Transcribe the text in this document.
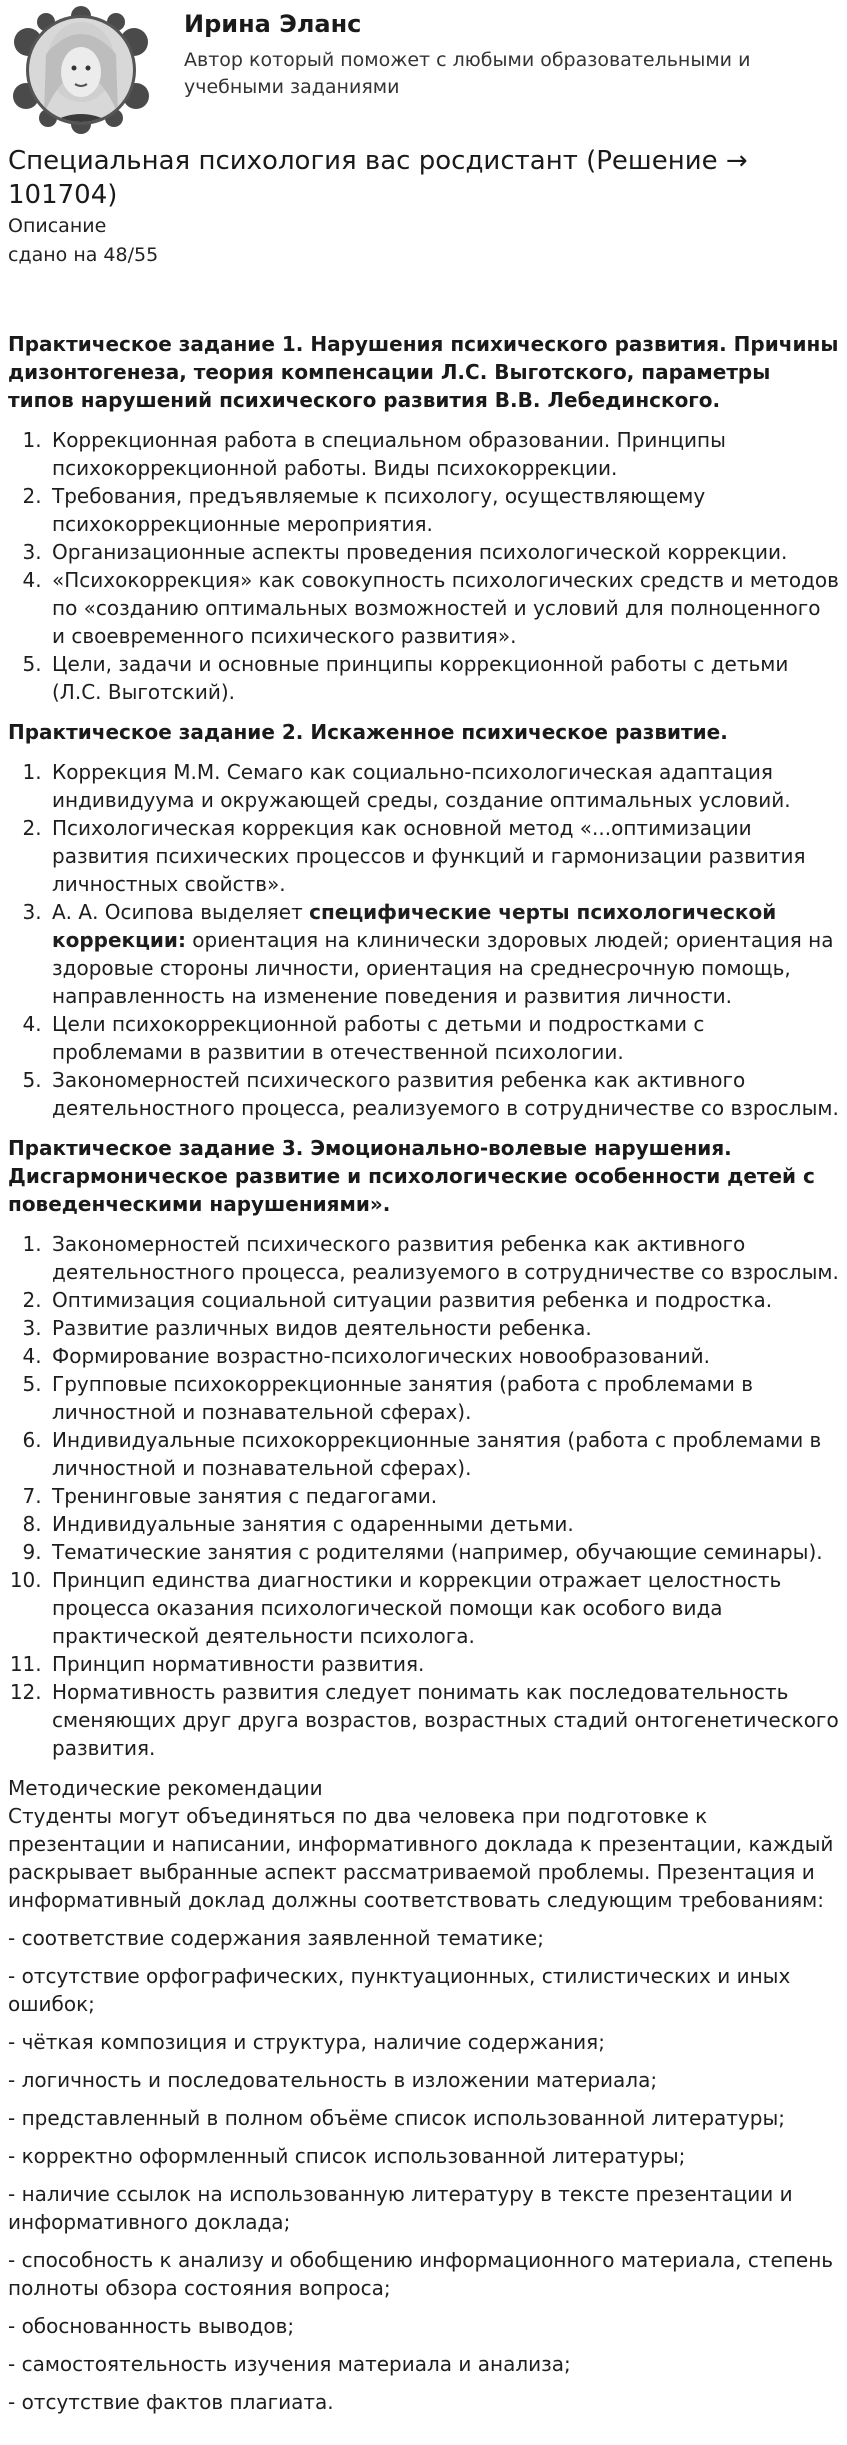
Ирина Эланс
Автор который поможет с любыми образовательными и учебными заданиями
Специальная психология вас росдистант (Решение → 101704)
Описание
сдано на 48/55
Практическое задание 1. Нарушения психического развития. Причины дизонтогенеза, теория компенсации Л.С. Выготского, параметры типов нарушений психического развития В.В. Лебединского.
1. Коррекционная работа в специальном образовании. Принципы психокоррекционной работы. Виды психокоррекции.
2. Требования, предъявляемые к психологу, осуществляющему психокоррекционные мероприятия.
3. Организационные аспекты проведения психологической коррекции.
4. «Психокоррекция» как совокупность психологических средств и методов по «созданию оптимальных возможностей и условий для полноценного и своевременного психического развития».
5. Цели, задачи и основные принципы коррекционной работы с детьми (Л.С. Выготский).
Практическое задание 2. Искаженное психическое развитие.
1. Коррекция М.М. Семаго как социально-психологическая адаптация индивидуума и окружающей среды, создание оптимальных условий.
2. Психологическая коррекция как основной метод «...оптимизации развития психических процессов и функций и гармонизации развития личностных свойств».
3. А. А. Осипова выделяет специфические черты психологической коррекции: ориентация на клинически здоровых людей; ориентация на здоровые стороны личности, ориентация на среднесрочную помощь, направленность на изменение поведения и развития личности.
4. Цели психокоррекционной работы с детьми и подростками с проблемами в развитии в отечественной психологии.
5. Закономерностей психического развития ребенка как активного деятельностного процесса, реализуемого в сотрудничестве со взрослым.
Практическое задание 3. Эмоционально-волевые нарушения. Дисгармоническое развитие и психологические особенности детей с поведенческими нарушениями».
1. Закономерностей психического развития ребенка как активного деятельностного процесса, реализуемого в сотрудничестве со взрослым.
2. Оптимизация социальной ситуации развития ребенка и подростка.
3. Развитие различных видов деятельности ребенка.
4. Формирование возрастно-психологических новообразований.
5. Групповые психокоррекционные занятия (работа с проблемами в личностной и познавательной сферах).
6. Индивидуальные психокоррекционные занятия (работа с проблемами в личностной и познавательной сферах).
7. Тренинговые занятия с педагогами.
8. Индивидуальные занятия с одаренными детьми.
9. Тематические занятия с родителями (например, обучающие семинары).
10. Принцип единства диагностики и коррекции отражает целостность процесса оказания психологической помощи как особого вида практической деятельности психолога.
11. Принцип нормативности развития.
12. Нормативность развития следует понимать как последовательность сменяющих друг друга возрастов, возрастных стадий онтогенетического развития.

Методические рекомендации

Студенты могут объединяться по два человека при подготовке к презентации и написании, информативного доклада к презентации, каждый раскрывает выбранные аспект рассматриваемой проблемы. Презентация и информативный доклад должны соответствовать следующим требованиям:

- соответствие содержания заявленной тематике;

- отсутствие орфографических, пунктуационных, стилистических и иных ошибок;

- чёткая композиция и структура, наличие содержания;

- логичность и последовательность в изложении материала;

- представленный в полном объёме список использованной литературы;

- корректно оформленный список использованной литературы;

- наличие ссылок на использованную литературу в тексте презентации и информативного доклада;

- способность к анализу и обобщению информационного материала, степень полноты обзора состояния вопроса;

- обоснованность выводов;

- самостоятельность изучения материала и анализа;

- отсутствие фактов плагиата.
